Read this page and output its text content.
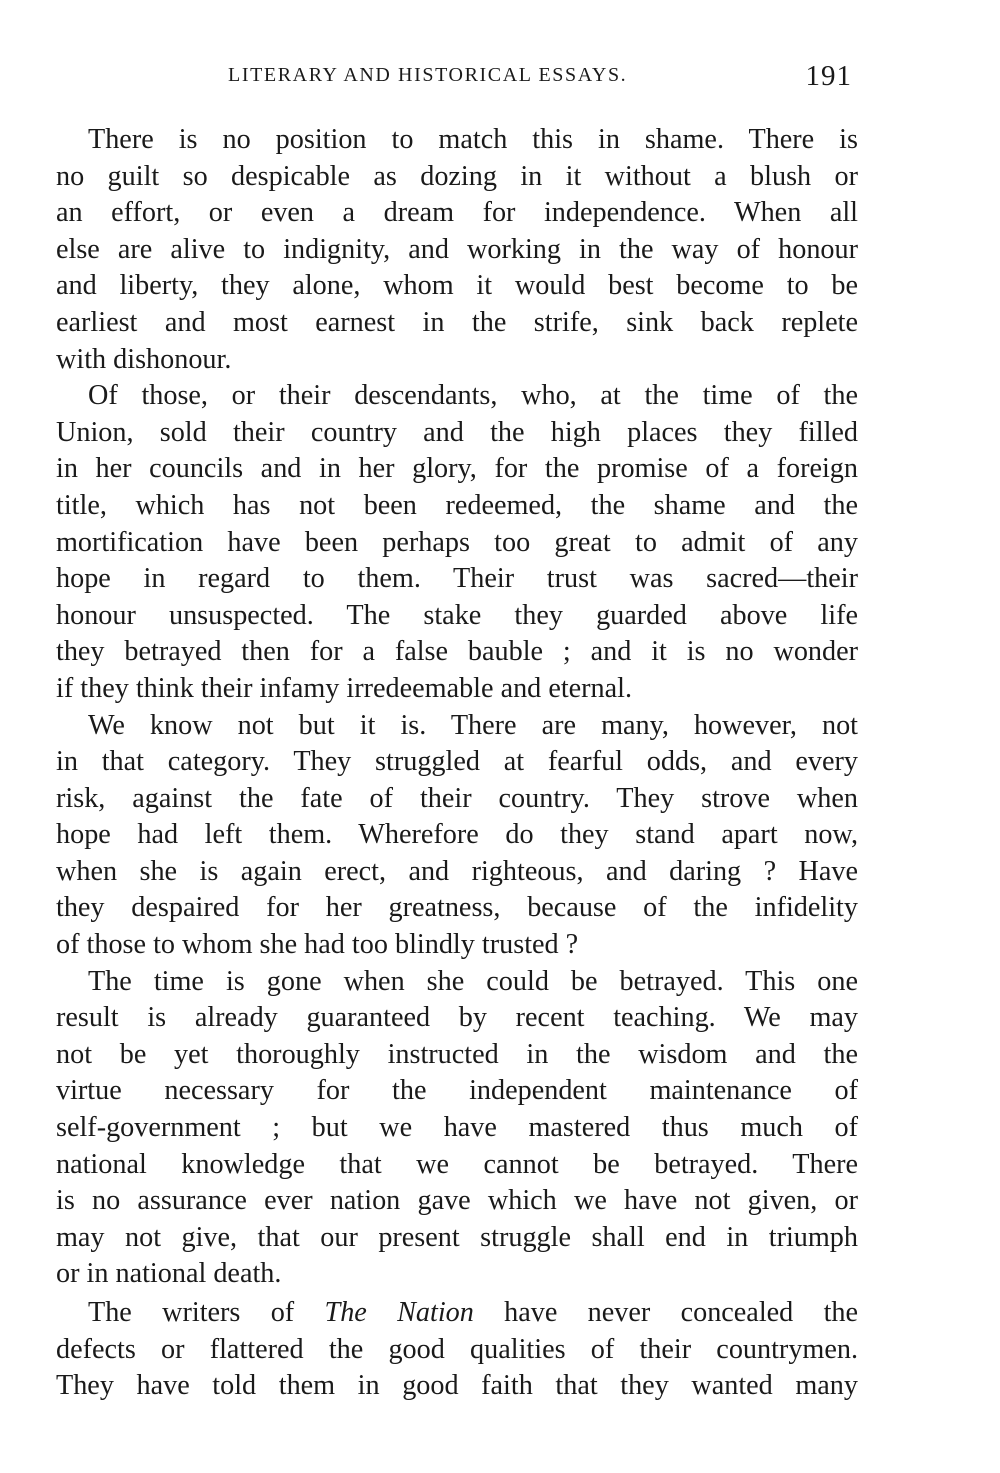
LITERARY AND HISTORICAL ESSAYS.	191
There is no position to match this in shame. There is
no guilt so despicable as dozing in it without a blush or
an effort, or even a dream for independence. When all
else are alive to indignity, and working in the way of honour
and liberty, they alone, whom it would best become to be
earliest and most earnest in the strife, sink back replete
with dishonour.
Of those, or their descendants, who, at the time of the
Union, sold their country and the high places they filled
in her councils and in her glory, for the promise of a foreign
title, which has not been redeemed, the shame and the
mortification have been perhaps too great to admit of any
hope in regard to them. Their trust was sacred—their
honour unsuspected. The stake they guarded above life
they betrayed then for a false bauble ; and it is no wonder
if they think their infamy irredeemable and eternal.
We know not but it is. There are many, however, not
in that category. They struggled at fearful odds, and every
risk, against the fate of their country. They strove when
hope had left them. Wherefore do they stand apart now,
when she is again erect, and righteous, and daring ? Have
they despaired for her greatness, because of the infidelity
of those to whom she had too blindly trusted ?
The time is gone when she could be betrayed. This one
result is already guaranteed by recent teaching. We may
not be yet thoroughly instructed in the wisdom and the
virtue necessary for the independent maintenance of
self-government ; but we have mastered thus much of
national knowledge that we cannot be betrayed. There
is no assurance ever nation gave which we have not given, or
may not give, that our present struggle shall end in triumph
or in national death.
The writers of The Nation have never concealed the
defects or flattered the good qualities of their countrymen.
They have told them in good faith that they wanted many
